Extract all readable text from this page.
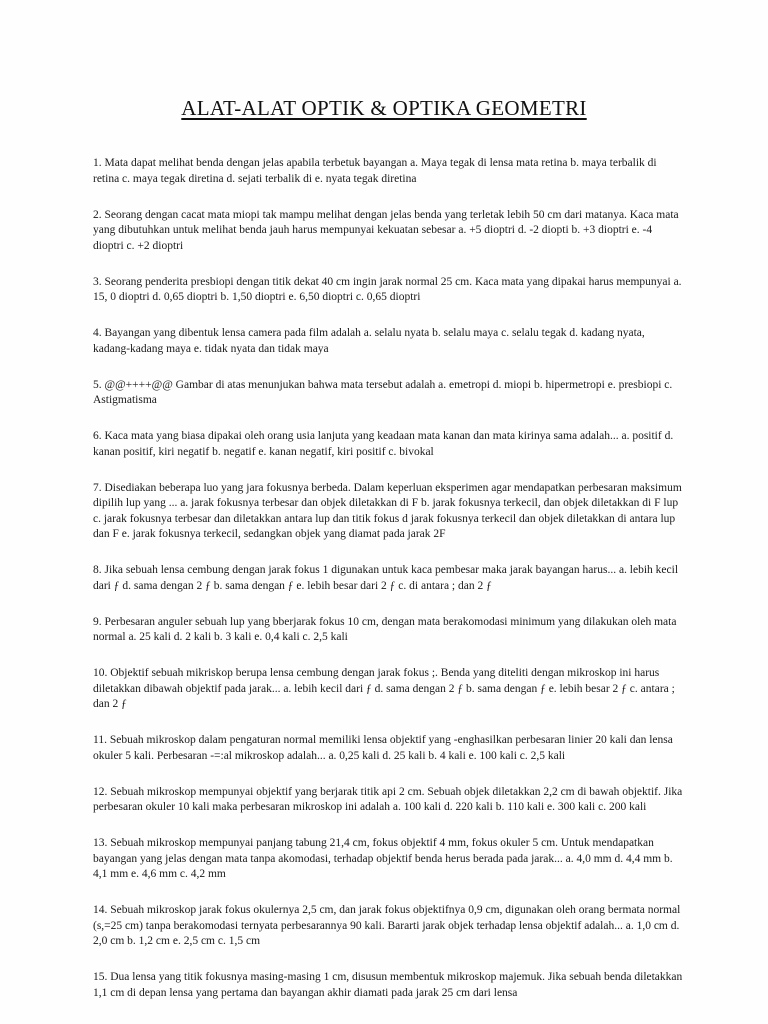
ALAT-ALAT OPTIK & OPTIKA GEOMETRI

1. Mata dapat melihat benda dengan jelas apabila terbetuk bayangan a. Maya tegak di lensa mata retina b. maya terbalik di retina c. maya tegak diretina d. sejati terbalik di e. nyata tegak diretina

2. Seorang dengan cacat mata miopi tak mampu melihat dengan jelas benda yang terletak lebih 50 cm dari matanya. Kaca mata yang dibutuhkan untuk melihat benda jauh harus mempunyai kekuatan sebesar a. +5 dioptri d. -2 diopti b. +3 dioptri e. -4 dioptri c. +2 dioptri

3. Seorang penderita presbiopi dengan titik dekat 40 cm ingin jarak normal 25 cm. Kaca mata yang dipakai harus mempunyai a. 15, 0 dioptri d. 0,65 dioptri b. 1,50 dioptri e. 6,50 dioptri c. 0,65 dioptri

4. Bayangan yang dibentuk lensa camera pada film adalah a. selalu nyata b. selalu maya c. selalu tegak d. kadang nyata, kadang-kadang maya e. tidak nyata dan tidak maya

5. @@++++@@ Gambar di atas menunjukan bahwa mata tersebut adalah a. emetropi d. miopi b. hipermetropi e. presbiopi c. Astigmatisma

6. Kaca mata yang biasa dipakai oleh orang usia lanjuta yang keadaan mata kanan dan mata kirinya sama adalah... a. positif d. kanan positif, kiri negatif b. negatif e. kanan negatif, kiri positif c. bivokal

7. Disediakan beberapa luo yang jara fokusnya berbeda. Dalam keperluan eksperimen agar mendapatkan perbesaran maksimum dipilih lup yang ... a. jarak fokusnya terbesar dan objek diletakkan di F b. jarak fokusnya terkecil, dan objek diletakkan di F lup c. jarak fokusnya terbesar dan diletakkan antara lup dan titik fokus d jarak fokusnya terkecil dan objek diletakkan di antara lup dan F e. jarak fokusnya terkecil, sedangkan objek yang diamat pada jarak 2F

8. Jika sebuah lensa cembung dengan jarak fokus 1 digunakan untuk kaca pembesar maka jarak bayangan harus... a. lebih kecil dari ƒ d. sama dengan 2 ƒ b. sama dengan ƒ e. lebih besar dari 2 ƒ c. di antara ; dan 2 ƒ

9. Perbesaran anguler sebuah lup yang bberjarak fokus 10 cm, dengan mata berakomodasi minimum yang dilakukan oleh mata normal a. 25 kali d. 2 kali b. 3 kali e. 0,4 kali c. 2,5 kali

10. Objektif sebuah mikriskop berupa lensa cembung dengan jarak fokus ;. Benda yang diteliti dengan mikroskop ini harus diletakkan dibawah objektif pada jarak... a. lebih kecil dari ƒ d. sama dengan 2 ƒ b. sama dengan ƒ e. lebih besar 2 ƒ c. antara ; dan 2 ƒ

11. Sebuah mikroskop dalam pengaturan normal memiliki lensa objektif yang -enghasilkan perbesaran linier 20 kali dan lensa okuler 5 kali. Perbesaran -=:al mikroskop adalah... a. 0,25 kali d. 25 kali b. 4 kali e. 100 kali c. 2,5 kali

12. Sebuah mikroskop mempunyai objektif yang berjarak titik api 2 cm. Sebuah objek diletakkan 2,2 cm di bawah objektif. Jika perbesaran okuler 10 kali maka perbesaran mikroskop ini adalah a. 100 kali d. 220 kali b. 110 kali e. 300 kali c. 200 kali

13. Sebuah mikroskop mempunyai panjang tabung 21,4 cm, fokus objektif 4 mm, fokus okuler 5 cm. Untuk mendapatkan bayangan yang jelas dengan mata tanpa akomodasi, terhadap objektif benda herus berada pada jarak... a. 4,0 mm d. 4,4 mm b. 4,1 mm e. 4,6 mm c. 4,2 mm

14. Sebuah mikroskop jarak fokus okulernya 2,5 cm, dan jarak fokus objektifnya 0,9 cm, digunakan oleh orang bermata normal (s,=25 cm) tanpa berakomodasi ternyata perbesarannya 90 kali. Bararti jarak objek terhadap lensa objektif adalah... a. 1,0 cm d. 2,0 cm b. 1,2 cm e. 2,5 cm c. 1,5 cm

15. Dua lensa yang titik fokusnya masing-masing 1 cm, disusun membentuk mikroskop majemuk. Jika sebuah benda diletakkan 1,1 cm di depan lensa yang pertama dan bayangan akhir diamati pada jarak 25 cm dari lensa
